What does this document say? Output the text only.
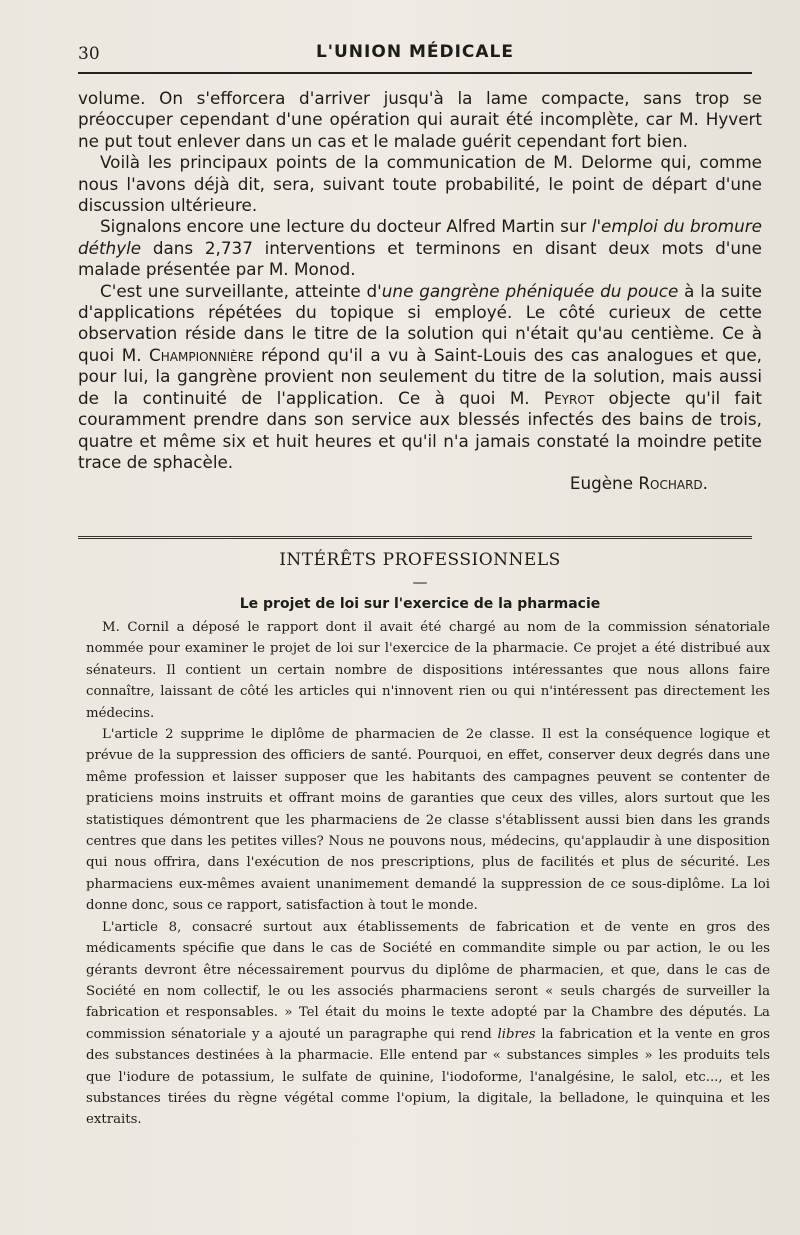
30	L'UNION MÉDICALE

volume. On s'efforcera d'arriver jusqu'à la lame compacte, sans trop se préoccuper cependant d'une opération qui aurait été incomplète, car M. Hyvert ne put tout enlever dans un cas et le malade guérit cependant fort bien.

Voilà les principaux points de la communication de M. Delorme qui, comme nous l'avons déjà dit, sera, suivant toute probabilité, le point de départ d'une discussion ultérieure.

Signalons encore une lecture du docteur Alfred Martin sur l'emploi du bromure déthyle dans 2,737 interventions et terminons en disant deux mots d'une malade présentée par M. Monod.

C'est une surveillante, atteinte d'une gangrène phéniquée du pouce à la suite d'applications répétées du topique si employé. Le côté curieux de cette observation réside dans le titre de la solution qui n'était qu'au centième. Ce à quoi M. Championnière répond qu'il a vu à Saint-Louis des cas analogues et que, pour lui, la gangrène provient non seulement du titre de la solution, mais aussi de la continuité de l'application. Ce à quoi M. Peyrot objecte qu'il fait couramment prendre dans son service aux blessés infectés des bains de trois, quatre et même six et huit heures et qu'il n'a jamais constaté la moindre petite trace de sphacèle.

Eugène Rochard.

INTÉRÊTS PROFESSIONNELS
—
Le projet de loi sur l'exercice de la pharmacie

M. Cornil a déposé le rapport dont il avait été chargé au nom de la commission sénatoriale nommée pour examiner le projet de loi sur l'exercice de la pharmacie. Ce projet a été distribué aux sénateurs. Il contient un certain nombre de dispositions intéressantes que nous allons faire connaître, laissant de côté les articles qui n'innovent rien ou qui n'intéressent pas directement les médecins.

L'article 2 supprime le diplôme de pharmacien de 2e classe. Il est la conséquence logique et prévue de la suppression des officiers de santé. Pourquoi, en effet, conserver deux degrés dans une même profession et laisser supposer que les habitants des campagnes peuvent se contenter de praticiens moins instruits et offrant moins de garanties que ceux des villes, alors surtout que les statistiques démontrent que les pharmaciens de 2e classe s'établissent aussi bien dans les grands centres que dans les petites villes? Nous ne pouvons nous, médecins, qu'applaudir à une disposition qui nous offrira, dans l'exécution de nos prescriptions, plus de facilités et plus de sécurité. Les pharmaciens eux-mêmes avaient unanimement demandé la suppression de ce sous-diplôme. La loi donne donc, sous ce rapport, satisfaction à tout le monde.

L'article 8, consacré surtout aux établissements de fabrication et de vente en gros des médicaments spécifie que dans le cas de Société en commandite simple ou par action, le ou les gérants devront être nécessairement pourvus du diplôme de pharmacien, et que, dans le cas de Société en nom collectif, le ou les associés pharmaciens seront « seuls chargés de surveiller la fabrication et responsables. » Tel était du moins le texte adopté par la Chambre des députés. La commission sénatoriale y a ajouté un paragraphe qui rend libres la fabrication et la vente en gros des substances destinées à la pharmacie. Elle entend par « substances simples » les produits tels que l'iodure de potassium, le sulfate de quinine, l'iodoforme, l'analgésine, le salol, etc..., et les substances tirées du règne végétal comme l'opium, la digitale, la belladone, le quinquina et les extraits.
